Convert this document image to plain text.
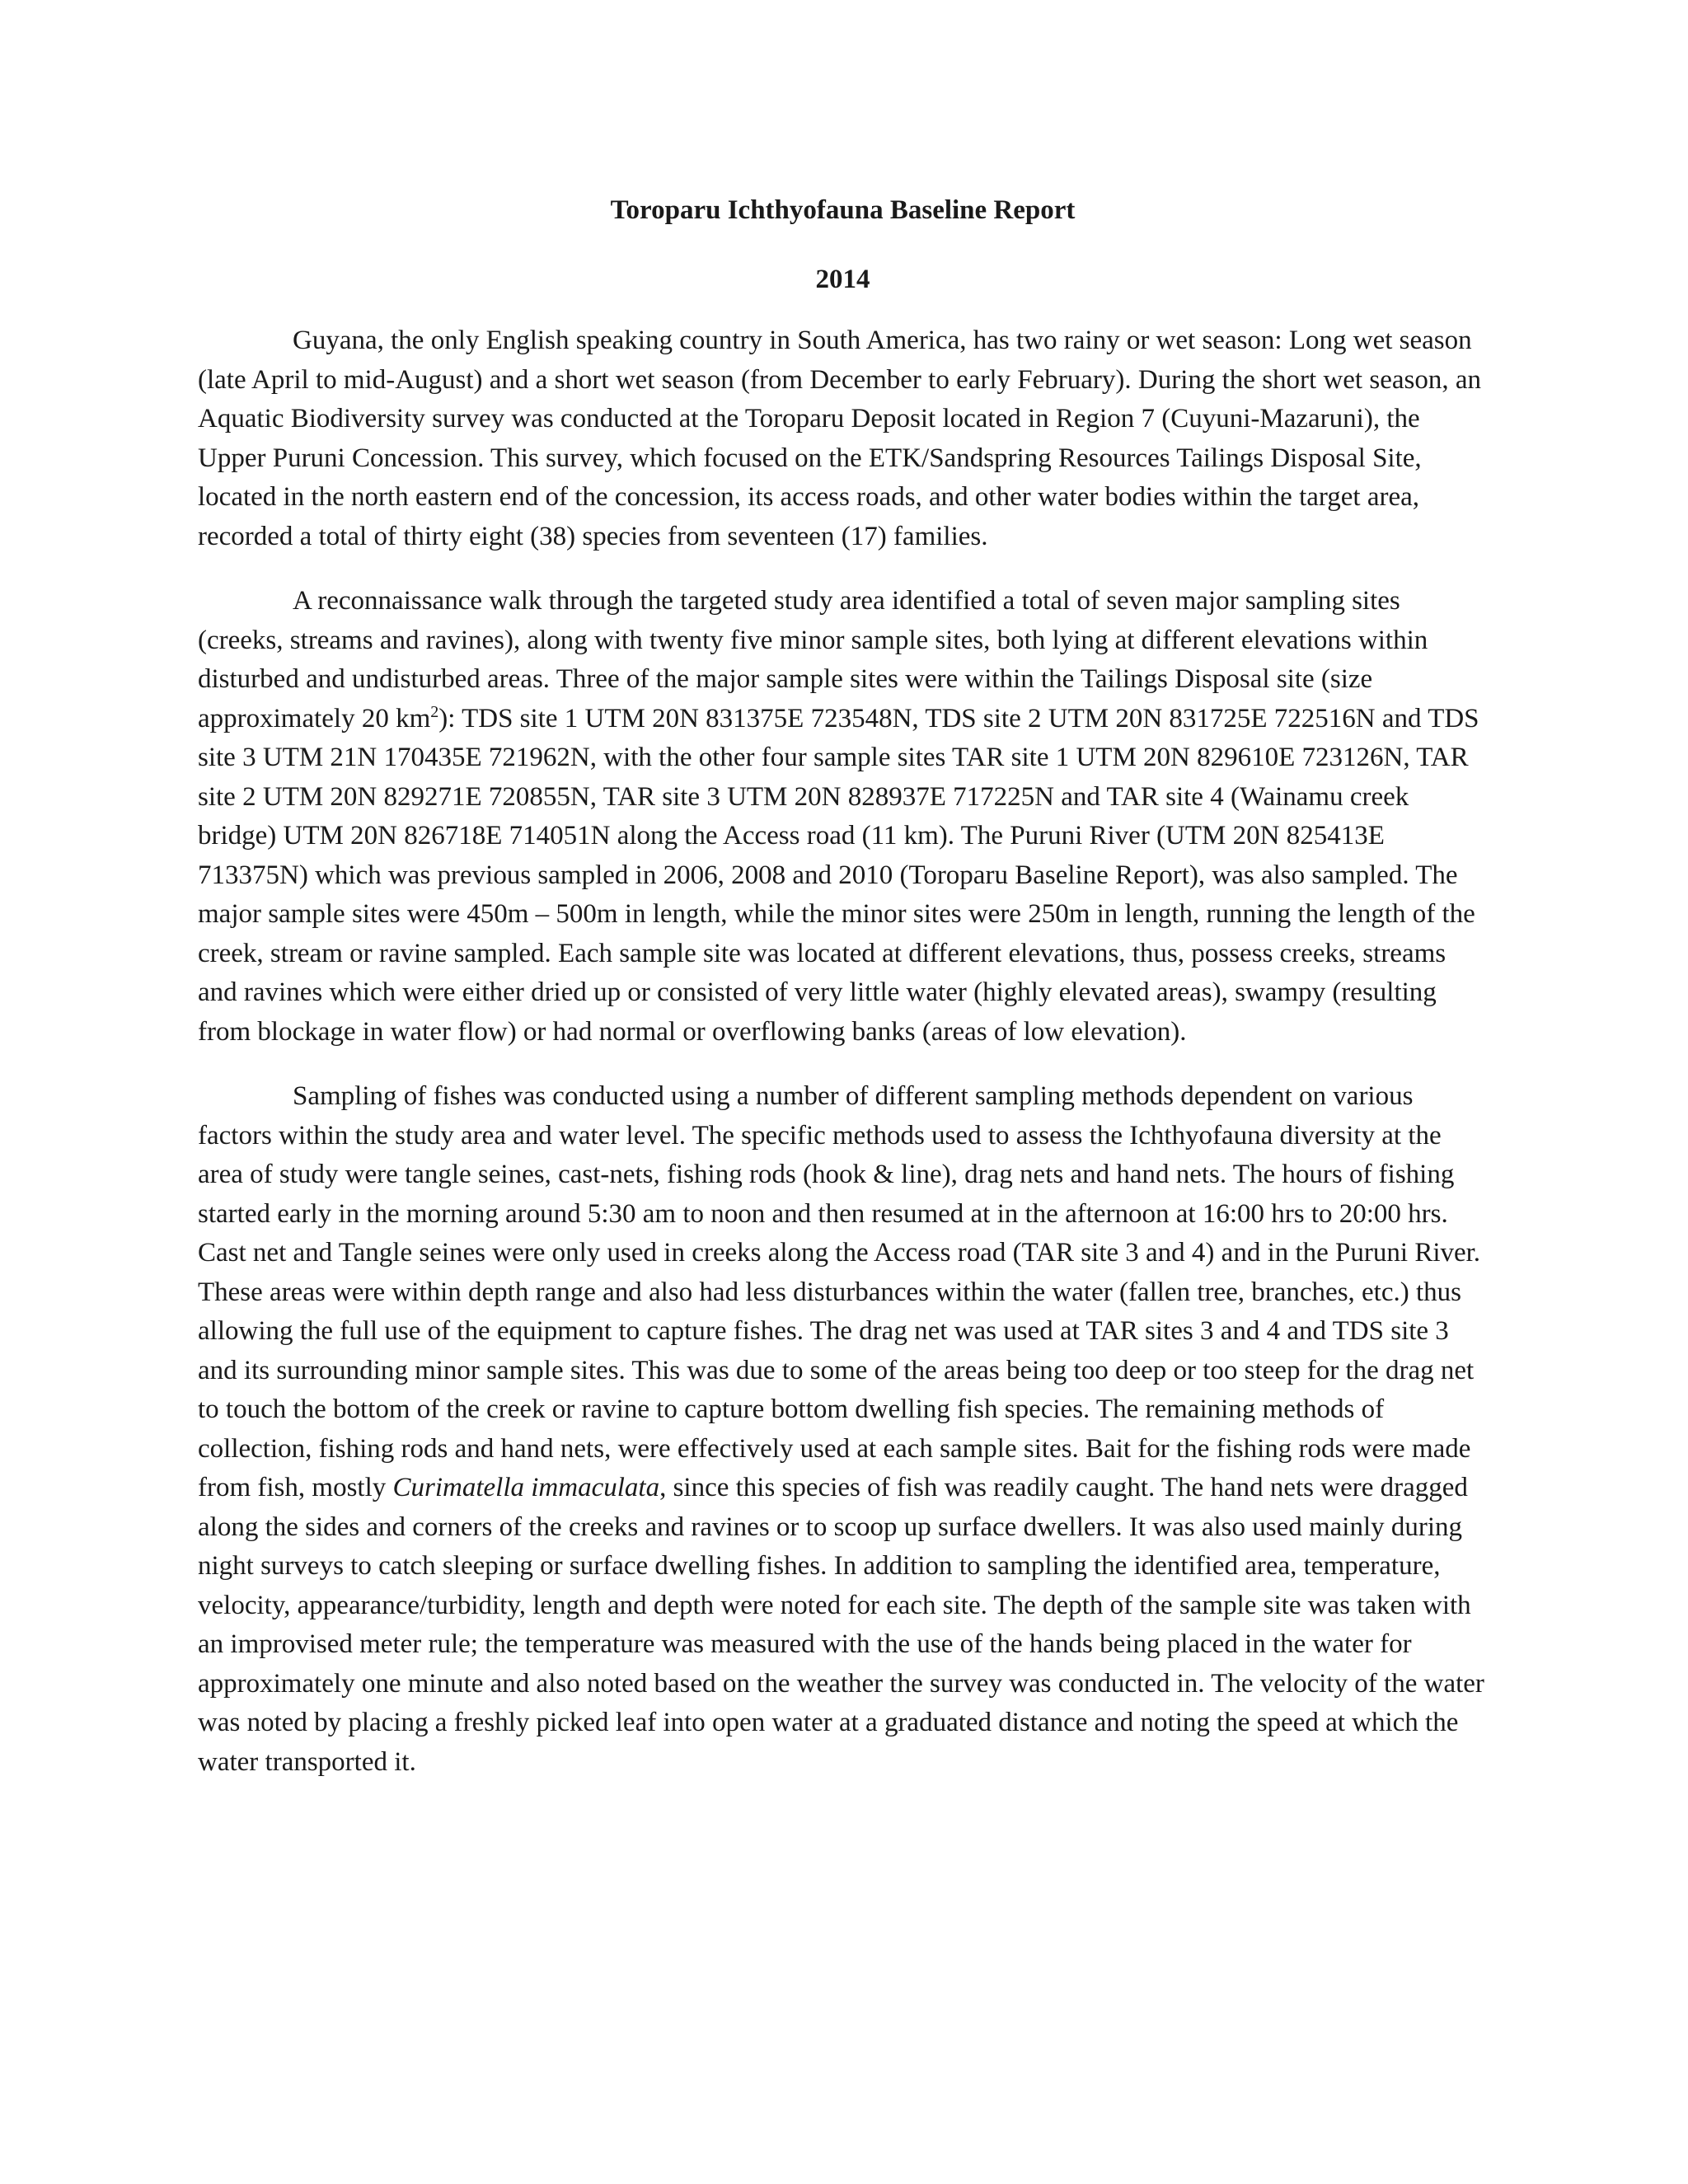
Toroparu Ichthyofauna Baseline Report
2014

Guyana, the only English speaking country in South America, has two rainy or wet season: Long wet season (late April to mid-August) and a short wet season (from December to early February). During the short wet season, an Aquatic Biodiversity survey was conducted at the Toroparu Deposit located in Region 7 (Cuyuni-Mazaruni), the Upper Puruni Concession. This survey, which focused on the ETK/Sandspring Resources Tailings Disposal Site, located in the north eastern end of the concession, its access roads, and other water bodies within the target area, recorded a total of thirty eight (38) species from seventeen (17) families.

A reconnaissance walk through the targeted study area identified a total of seven major sampling sites (creeks, streams and ravines), along with twenty five minor sample sites, both lying at different elevations within disturbed and undisturbed areas. Three of the major sample sites were within the Tailings Disposal site (size approximately 20 $km^2$): TDS site 1 UTM 20N 831375E 723548N, TDS site 2 UTM 20N 831725E 722516N and TDS site 3 UTM 21N 170435E 721962N, with the other four sample sites TAR site 1 UTM 20N 829610E 723126N, TAR site 2 UTM 20N 829271E 720855N, TAR site 3 UTM 20N 828937E 717225N and TAR site 4 (Wainamu creek bridge) UTM 20N 826718E 714051N along the Access road (11 km). The Puruni River (UTM 20N 825413E 713375N) which was previous sampled in 2006, 2008 and 2010 (Toroparu Baseline Report), was also sampled. The major sample sites were 450m – 500m in length, while the minor sites were 250m in length, running the length of the creek, stream or ravine sampled. Each sample site was located at different elevations, thus, possess creeks, streams and ravines which were either dried up or consisted of very little water (highly elevated areas), swampy (resulting from blockage in water flow) or had normal or overflowing banks (areas of low elevation).

Sampling of fishes was conducted using a number of different sampling methods dependent on various factors within the study area and water level. The specific methods used to assess the Ichthyofauna diversity at the area of study were tangle seines, cast-nets, fishing rods (hook & line), drag nets and hand nets. The hours of fishing started early in the morning around 5:30 am to noon and then resumed at in the afternoon at 16:00 hrs to 20:00 hrs. Cast net and Tangle seines were only used in creeks along the Access road (TAR site 3 and 4) and in the Puruni River. These areas were within depth range and also had less disturbances within the water (fallen tree, branches, etc.) thus allowing the full use of the equipment to capture fishes. The drag net was used at TAR sites 3 and 4 and TDS site 3 and its surrounding minor sample sites. This was due to some of the areas being too deep or too steep for the drag net to touch the bottom of the creek or ravine to capture bottom dwelling fish species. The remaining methods of collection, fishing rods and hand nets, were effectively used at each sample sites. Bait for the fishing rods were made from fish, mostly Curimatella immaculata, since this species of fish was readily caught. The hand nets were dragged along the sides and corners of the creeks and ravines or to scoop up surface dwellers. It was also used mainly during night surveys to catch sleeping or surface dwelling fishes. In addition to sampling the identified area, temperature, velocity, appearance/turbidity, length and depth were noted for each site. The depth of the sample site was taken with an improvised meter rule; the temperature was measured with the use of the hands being placed in the water for approximately one minute and also noted based on the weather the survey was conducted in. The velocity of the water was noted by placing a freshly picked leaf into open water at a graduated distance and noting the speed at which the water transported it.
